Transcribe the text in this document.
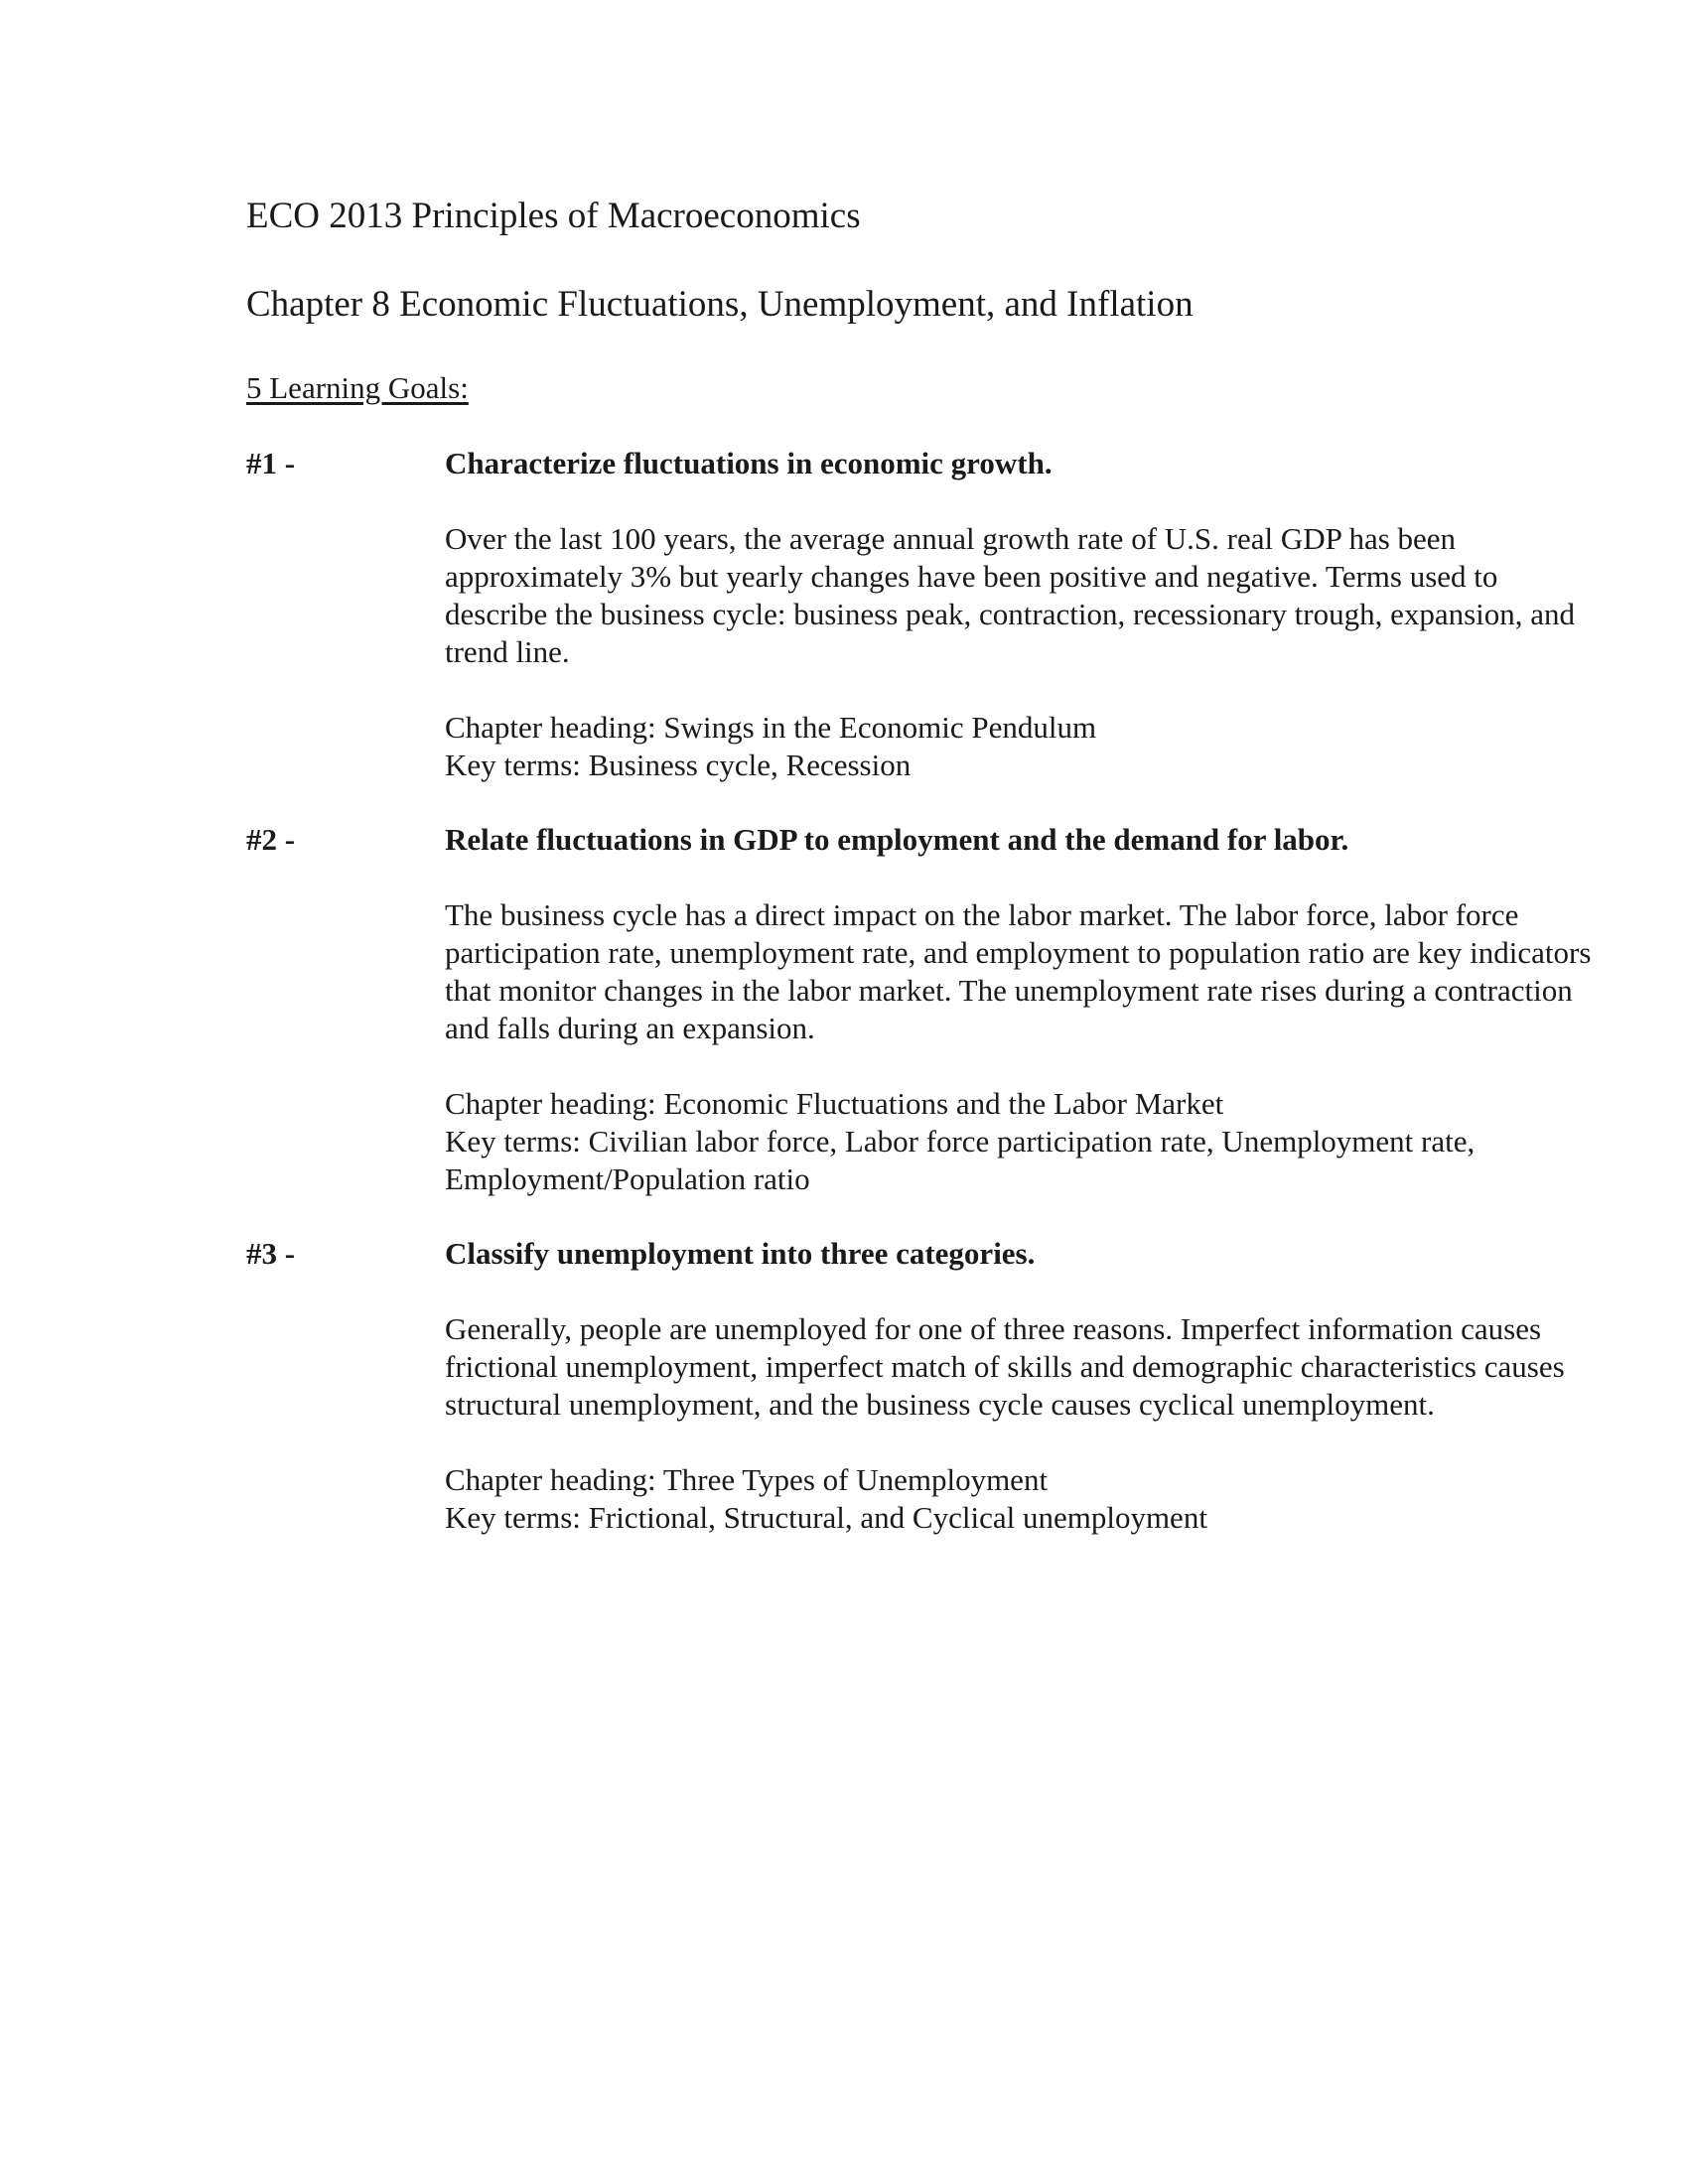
ECO 2013 Principles of Macroeconomics
Chapter 8 Economic Fluctuations, Unemployment, and Inflation
5 Learning Goals:
#1 -	Characterize fluctuations in economic growth.
Over the last 100 years, the average annual growth rate of U.S. real GDP has been approximately 3% but yearly changes have been positive and negative. Terms used to describe the business cycle: business peak, contraction, recessionary trough, expansion, and trend line.
Chapter heading: Swings in the Economic Pendulum
Key terms: Business cycle, Recession
#2 -	Relate fluctuations in GDP to employment and the demand for labor.
The business cycle has a direct impact on the labor market. The labor force, labor force participation rate, unemployment rate, and employment to population ratio are key indicators that monitor changes in the labor market. The unemployment rate rises during a contraction and falls during an expansion.
Chapter heading: Economic Fluctuations and the Labor Market
Key terms: Civilian labor force, Labor force participation rate, Unemployment rate, Employment/Population ratio
#3 -	Classify unemployment into three categories.
Generally, people are unemployed for one of three reasons. Imperfect information causes frictional unemployment, imperfect match of skills and demographic characteristics causes structural unemployment, and the business cycle causes cyclical unemployment.
Chapter heading: Three Types of Unemployment
Key terms: Frictional, Structural, and Cyclical unemployment
